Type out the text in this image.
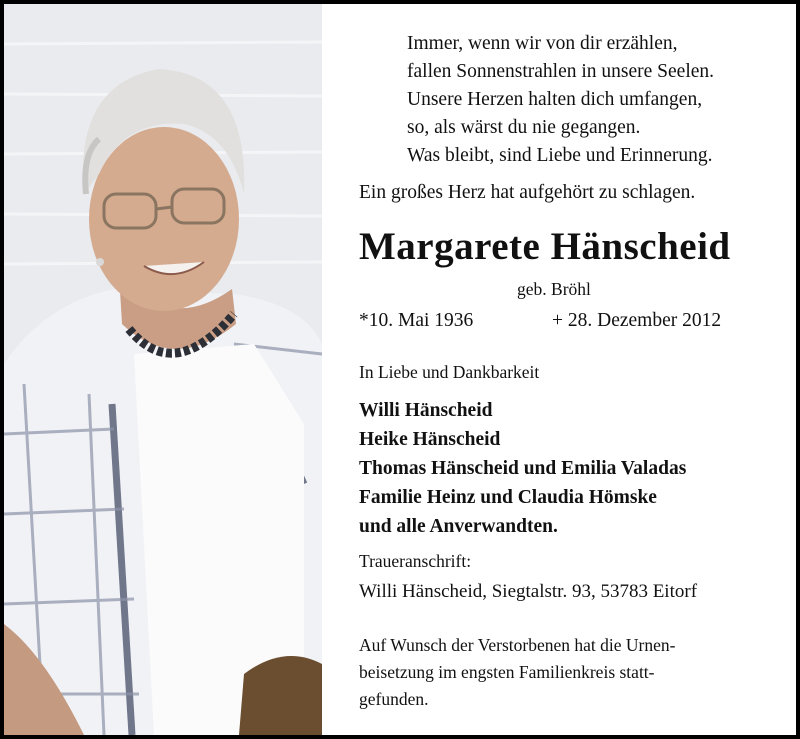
Immer, wenn wir von dir erzählen,
fallen Sonnenstrahlen in unsere Seelen.
Unsere Herzen halten dich umfangen,
so, als wärst du nie gegangen.
Was bleibt, sind Liebe und Erinnerung.
Ein großes Herz hat aufgehört zu schlagen.
Margarete Hänscheid
geb. Bröhl
*10. Mai 1936	+ 28. Dezember 2012
In Liebe und Dankbarkeit
Willi Hänscheid
Heike Hänscheid
Thomas Hänscheid und Emilia Valadas
Familie Heinz und Claudia Hömske
und alle Anverwandten.
Traueranschrift:
Willi Hänscheid, Siegtalstr. 93, 53783 Eitorf
Auf Wunsch der Verstorbenen hat die Urnen-
beisetzung im engsten Familienkreis statt-
gefunden.
